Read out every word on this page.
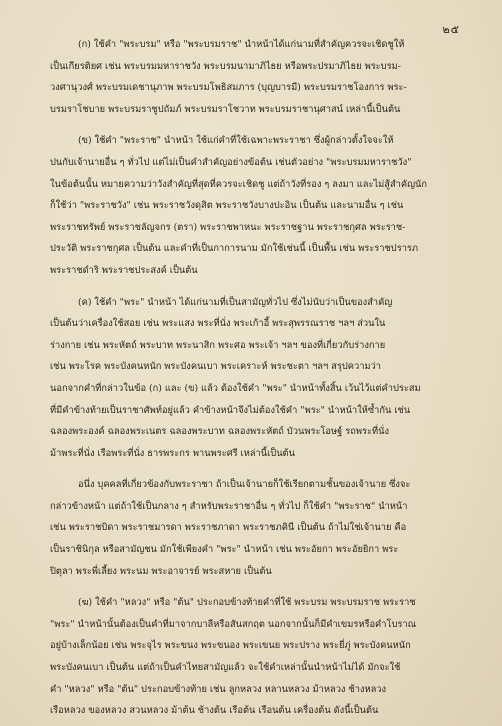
๒๕

(ก) ใช้คำ "พระบรม" หรือ "พระบรมราช" นำหน้าได้แก่นามที่สำคัญควรจะเชิดชูให้
เป็นเกียรติยศ เช่น พระบรมมหาราชวัง พระบรมนามาภิไธย หรือพระปรมาภิไธย พระบรม-
วงศานุวงศ์ พระบรมเดชานุภาพ พระบรมโพธิสมภาร (บุญบารมี) พระบรมราชโองการ พระ-
บรมราโชบาย พระบรมราชูปถัมภ์ พระบรมราโชวาท พระบรมราชานุศาสน์ เหล่านี้เป็นต้น

(ข) ใช้คำ "พระราช" นำหน้า ใช้แก่คำที่ใช้เฉพาะพระราชา ซึ่งผู้กล่าวตั้งใจจะให้
ปนกับเจ้านายอื่น ๆ ทั่วไป แต่ไม่เป็นคำสำคัญอย่างข้อต้น เช่นตัวอย่าง "พระบรมมหาราชวัง"
ในข้อต้นนั้น หมายความว่าวังสำคัญที่สุดที่ควรจะเชิดชู แต่ถ้าวังที่รอง ๆ ลงมา และไม่สู้สำคัญนัก
ก็ใช้ว่า "พระราชวัง" เช่น พระราชวังดุสิต พระราชวังบางปะอิน เป็นต้น และนามอื่น ๆ เช่น
พระราชทรัพย์ พระราชลัญจกร (ตรา) พระราชพาหนะ พระราชฐาน พระราชกุศล พระราช-
ประวัติ พระราชกุศล เป็นต้น และคำที่เป็นกาการนาม มักใช้เช่นนี้ เป็นพื้น เช่น พระราชปรารภ
พระราชดำริ พระราชประสงค์ เป็นต้น

(ค) ใช้คำ "พระ" นำหน้า ได้แก่นามที่เป็นสามัญทั่วไป ซึ่งไม่นับว่าเป็นของสำคัญ
เป็นต้นว่าเครื่องใช้สอย เช่น พระแสง พระที่นั่ง พระเก้าอี้ พระสุพรรณราช ฯลฯ ส่วนใน
ร่างกาย เช่น พระหัตถ์ พระบาท พระนาสิก พระศอ พระเจ้า ฯลฯ ของที่เกี่ยวกับร่างกาย
เช่น พระโรค พระบังคนหนัก พระบังคนเบา พระเคราะห์ พระชะตา ฯลฯ สรุปความว่า
นอกจากคำที่กล่าวในข้อ (ก) และ (ข) แล้ว ต้องใช้คำ "พระ" นำหน้าทั้งสิ้น เว้นไว้แต่คำประสม
ที่มีคำข้างท้ายเป็นราชาศัพท์อยู่แล้ว คำข้างหน้าจึงไม่ต้องใช้คำ "พระ" นำหน้าให้ซ้ำกัน เช่น
ฉลองพระองค์ ฉลองพระเนตร ฉลองพระบาท ฉลองพระหัตถ์ บัวนพระโอษฐ์ รถพระที่นั่ง
ม้าพระที่นั่ง เรือพระที่นั่ง ธารพระกร พานพระศรี เหล่านี้เป็นต้น

อนึ่ง บุคคลที่เกี่ยวข้องกับพระราชา ถ้าเป็นเจ้านายก็ใช้เรียกตามชั้นของเจ้านาย ซึ่งจะ
กล่าวข้างหน้า แต่ถ้าใช้เป็นกลาง ๆ สำหรับพระราชาอื่น ๆ ทั่วไป ก็ใช้คำ "พระราช" นำหน้า
เช่น พระราชบิดา พระราชมารดา พระราชภาดา พระราชภคินี เป็นต้น ถ้าไม่ใช่เจ้านาย คือ
เป็นราชินิกุล หรือสามัญชน มักใช้เพียงคำ "พระ" นำหน้า เช่น พระอัยกา พระอัยยิกา พระ
ปิตุลา พระพี่เลี้ยง พระนม พระอาจารย์ พระสหาย เป็นต้น

(ฆ) ใช้คำ "หลวง" หรือ "ต้น" ประกอบข้างท้ายคำที่ใช้ พระบรม พระบรมราช พระราช
"พระ" นำหน้านั้นต้องเป็นคำที่มาจากบาลีหรือสันสกฤต นอกจากนั้นก็มีคำเขมรหรือคำโบราณ
อยู่บ้างเล็กน้อย เช่น พระจุไร พระขนง พระขนอง พระเขนย พระปราง พระยี่ภู่ พระบังคนหนัก
พระบังคนเบา เป็นต้น แต่ถ้าเป็นคำไทยสามัญแล้ว จะใช้คำเหล่านั้นนำหน้าไม่ได้ มักจะใช้
คำ "หลวง" หรือ "ต้น" ประกอบข้างท้าย เช่น ลูกหลวง หลานหลวง ม้าหลวง ช้างหลวง
เรือหลวง ของหลวง สวนหลวง ม้าต้น ช้างต้น เรือต้น เรือนต้น เครื่องต้น ดังนี้เป็นต้น
